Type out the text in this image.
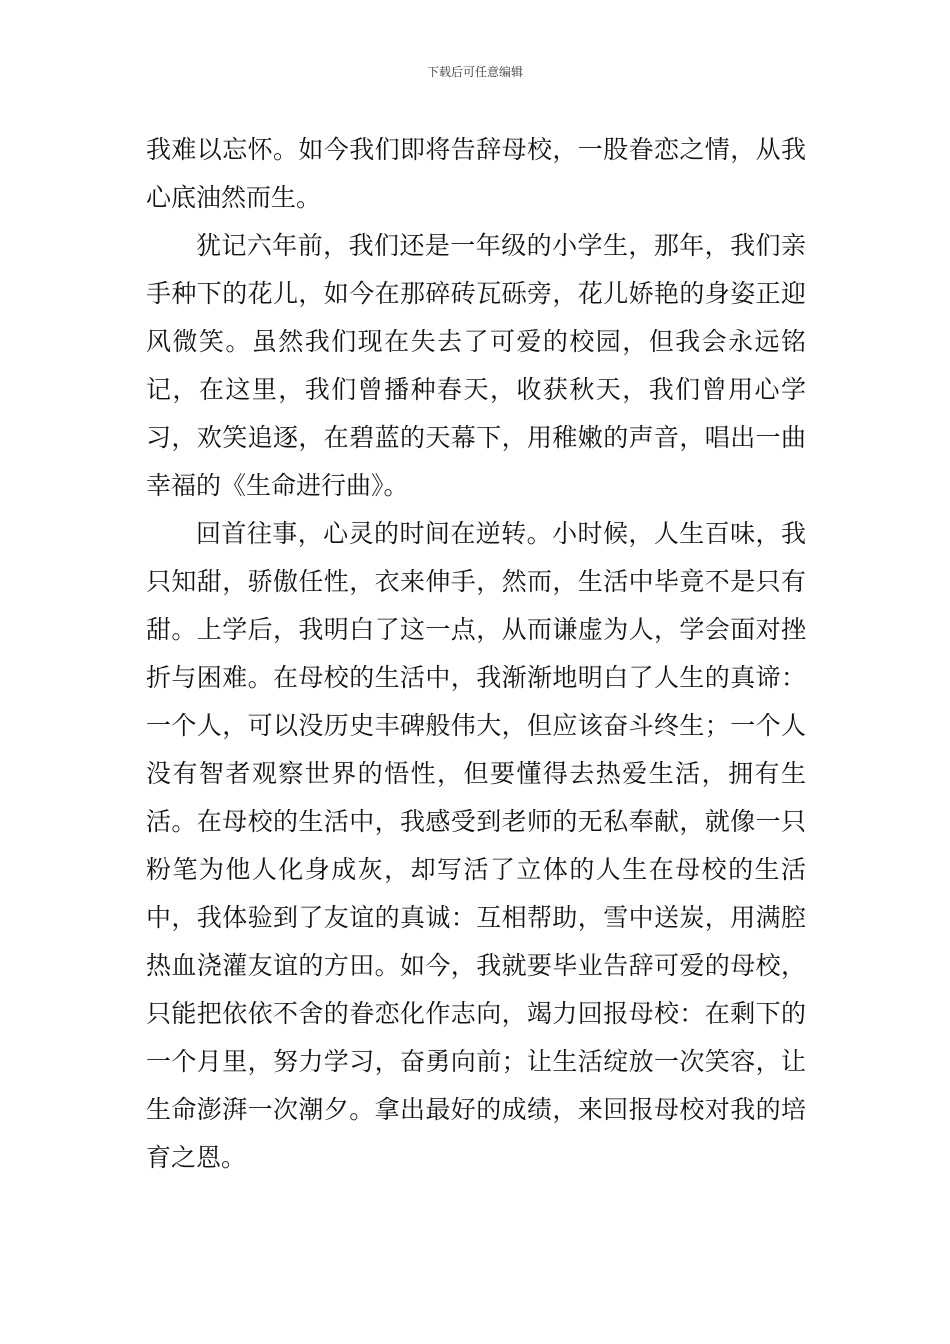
下载后可任意编辑

我难以忘怀。如今我们即将告辞母校，一股眷恋之情，从我心底油然而生。

犹记六年前，我们还是一年级的小学生，那年，我们亲手种下的花儿，如今在那碎砖瓦砾旁，花儿娇艳的身姿正迎风微笑。虽然我们现在失去了可爱的校园，但我会永远铭记，在这里，我们曾播种春天，收获秋天，我们曾用心学习，欢笑追逐，在碧蓝的天幕下，用稚嫩的声音，唱出一曲幸福的《生命进行曲》。

回首往事，心灵的时间在逆转。小时候，人生百味，我只知甜，骄傲任性，衣来伸手，然而，生活中毕竟不是只有甜。上学后，我明白了这一点，从而谦虚为人，学会面对挫折与困难。在母校的生活中，我渐渐地明白了人生的真谛：一个人，可以没历史丰碑般伟大，但应该奋斗终生；一个人没有智者观察世界的悟性，但要懂得去热爱生活，拥有生活。在母校的生活中，我感受到老师的无私奉献，就像一只粉笔为他人化身成灰，却写活了立体的人生在母校的生活中，我体验到了友谊的真诚：互相帮助，雪中送炭，用满腔热血浇灌友谊的方田。如今，我就要毕业告辞可爱的母校，只能把依依不舍的眷恋化作志向，竭力回报母校：在剩下的一个月里，努力学习，奋勇向前；让生活绽放一次笑容，让生命澎湃一次潮夕。拿出最好的成绩，来回报母校对我的培育之恩。
